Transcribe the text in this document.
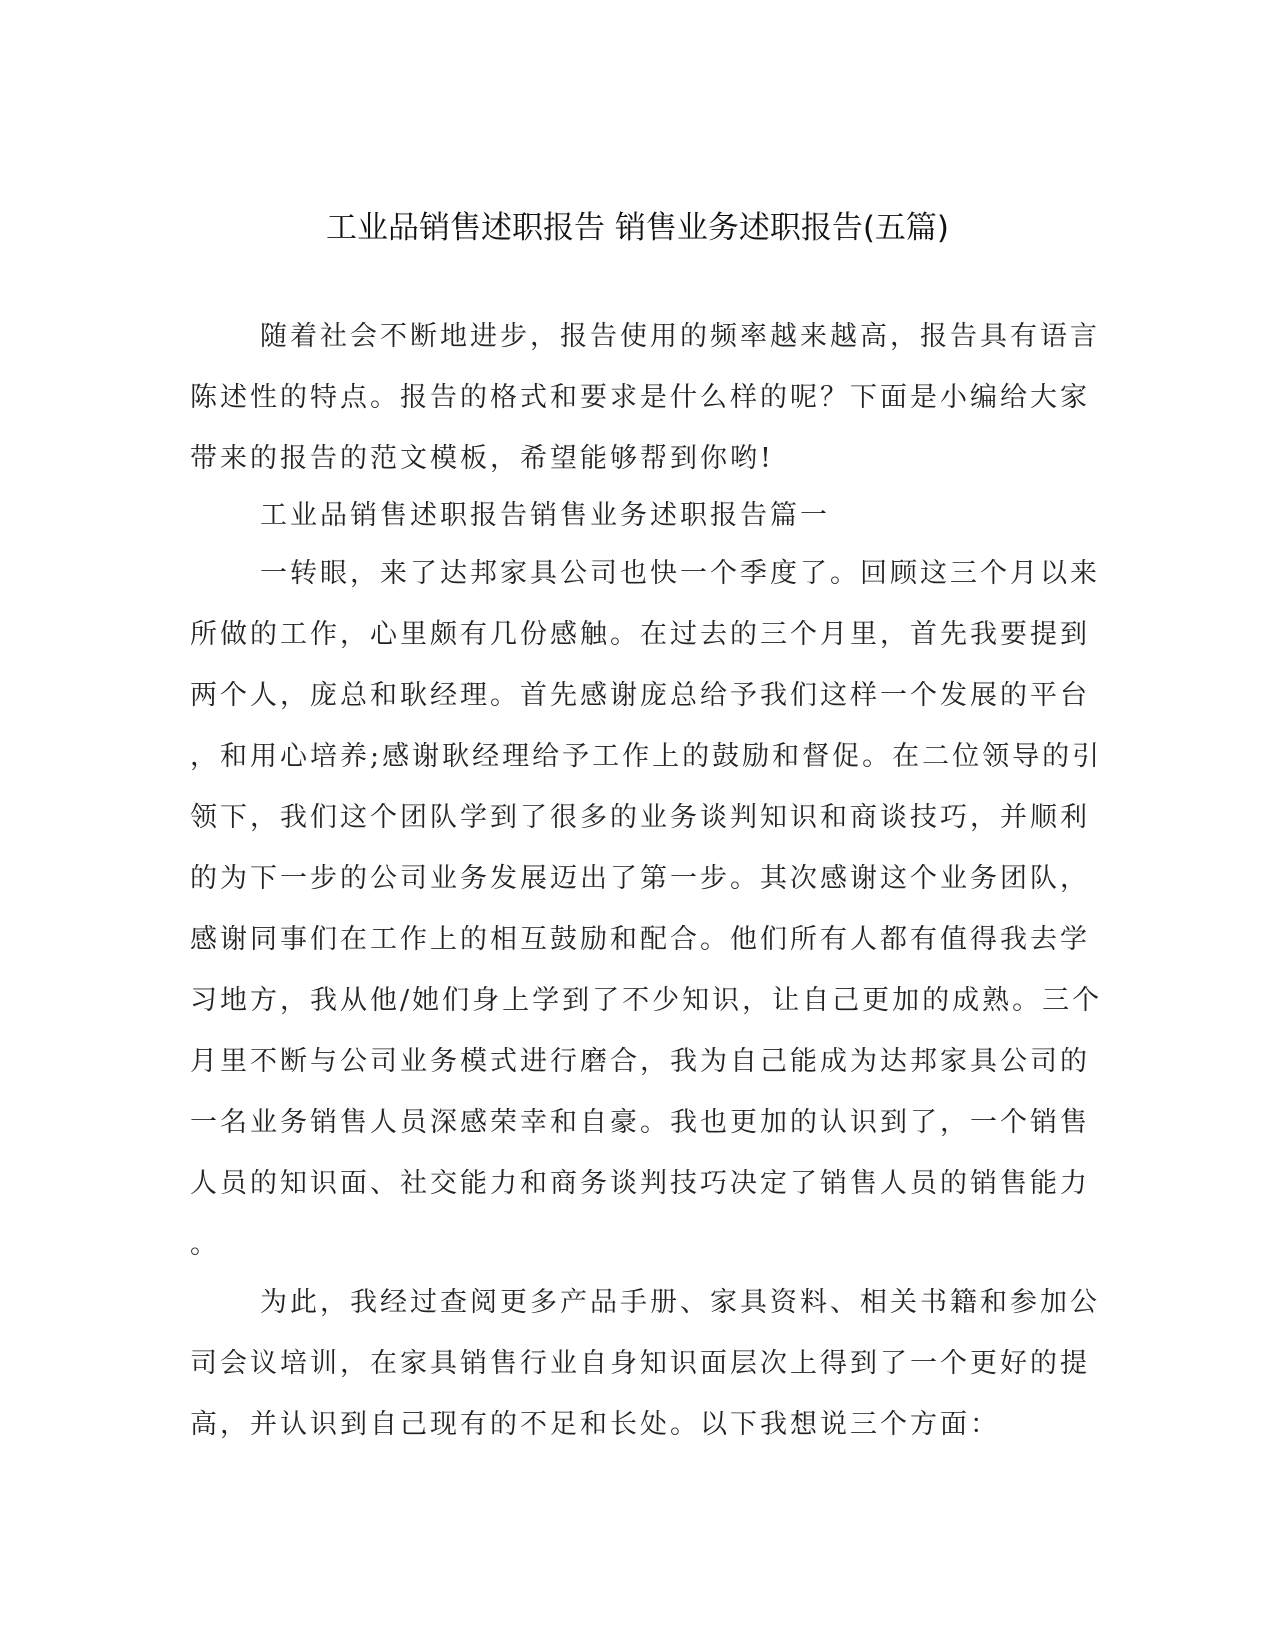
工业品销售述职报告 销售业务述职报告(五篇)
随着社会不断地进步，报告使用的频率越来越高，报告具有语言
陈述性的特点。报告的格式和要求是什么样的呢？下面是小编给大家
带来的报告的范文模板，希望能够帮到你哟!
工业品销售述职报告销售业务述职报告篇一
一转眼，来了达邦家具公司也快一个季度了。回顾这三个月以来
所做的工作，心里颇有几份感触。在过去的三个月里，首先我要提到
两个人，庞总和耿经理。首先感谢庞总给予我们这样一个发展的平台
，和用心培养;感谢耿经理给予工作上的鼓励和督促。在二位领导的引
领下，我们这个团队学到了很多的业务谈判知识和商谈技巧，并顺利
的为下一步的公司业务发展迈出了第一步。其次感谢这个业务团队，
感谢同事们在工作上的相互鼓励和配合。他们所有人都有值得我去学
习地方，我从他/她们身上学到了不少知识，让自己更加的成熟。三个
月里不断与公司业务模式进行磨合，我为自己能成为达邦家具公司的
一名业务销售人员深感荣幸和自豪。我也更加的认识到了，一个销售
人员的知识面、社交能力和商务谈判技巧决定了销售人员的销售能力
。
为此，我经过查阅更多产品手册、家具资料、相关书籍和参加公
司会议培训，在家具销售行业自身知识面层次上得到了一个更好的提
高，并认识到自己现有的不足和长处。以下我想说三个方面：
